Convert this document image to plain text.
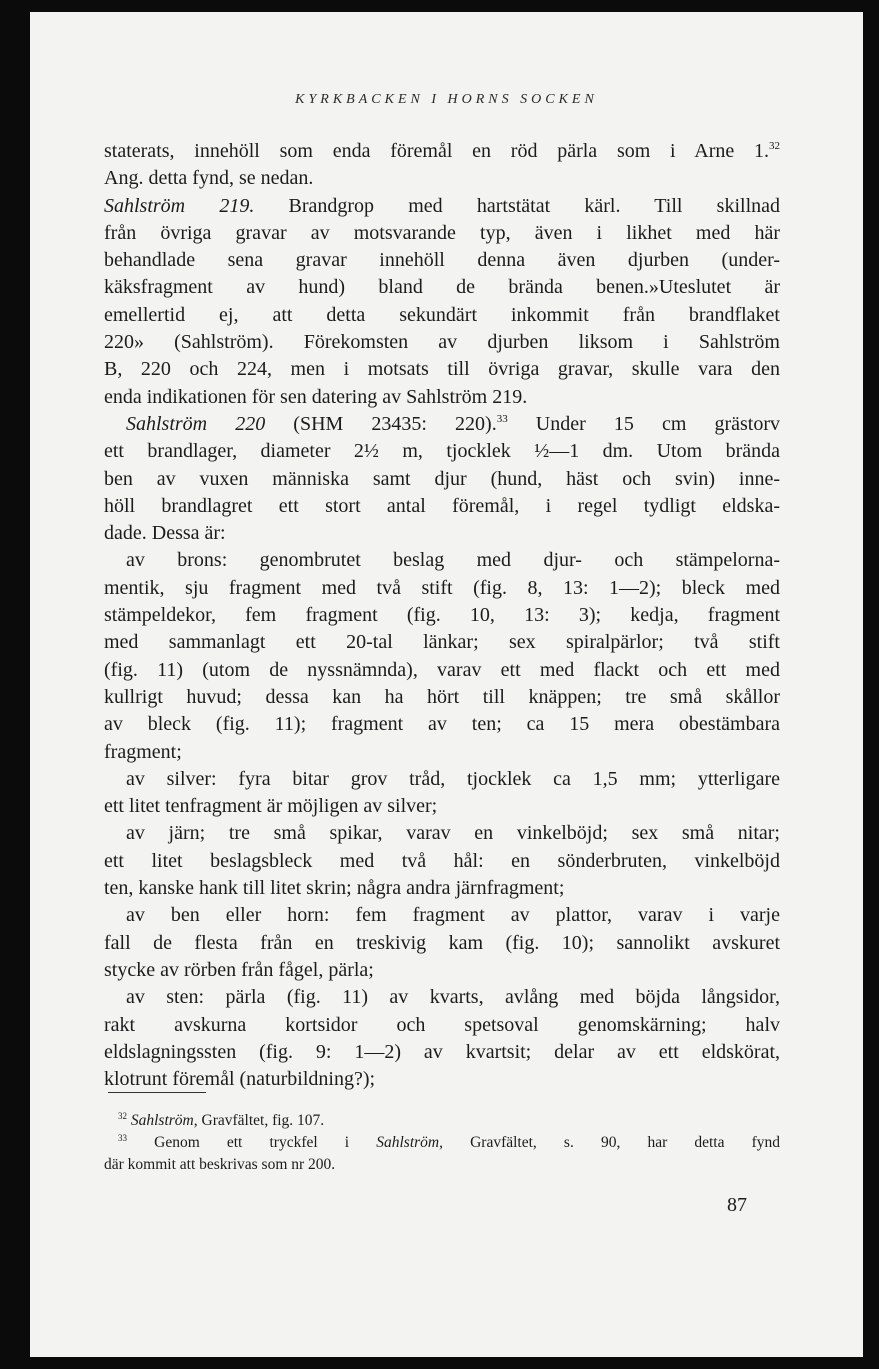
KYRKBACKEN I HORNS SOCKEN
staterats, innehöll som enda föremål en röd pärla som i Arne 1.32
Ang. detta fynd, se nedan.
Sahlström 219. Brandgrop med hartstätat kärl. Till skillnad
från övriga gravar av motsvarande typ, även i likhet med här
behandlade sena gravar innehöll denna även djurben (under-
käksfragment av hund) bland de brända benen.»Uteslutet är
emellertid ej, att detta sekundärt inkommit från brandflaket
220» (Sahlström). Förekomsten av djurben liksom i Sahlström
B, 220 och 224, men i motsats till övriga gravar, skulle vara den
enda indikationen för sen datering av Sahlström 219.
Sahlström 220 (SHM 23435: 220).$^{33}$ Under 15 cm grästorv
ett brandlager, diameter 2½ m, tjocklek ½—1 dm. Utom brända
ben av vuxen människa samt djur (hund, häst och svin) inne-
höll brandlagret ett stort antal föremål, i regel tydligt eldska-
dade. Dessa är:
av brons: genombrutet beslag med djur- och stämpelorna-
mentik, sju fragment med två stift (fig. 8, 13: 1—2); bleck med
stämpeldekor, fem fragment (fig. 10, 13: 3); kedja, fragment
med sammanlagt ett 20-tal länkar; sex spiralpärlor; två stift
(fig. 11) (utom de nyssnämnda), varav ett med flackt och ett med
kullrigt huvud; dessa kan ha hört till knäppen; tre små skållor
av bleck (fig. 11); fragment av ten; ca 15 mera obestämbara
fragment;
av silver: fyra bitar grov tråd, tjocklek ca 1,5 mm; ytterligare
ett litet tenfragment är möjligen av silver;
av järn; tre små spikar, varav en vinkelböjd; sex små nitar;
ett litet beslagsbleck med två hål: en sönderbruten, vinkelböjd
ten, kanske hank till litet skrin; några andra järnfragment;
av ben eller horn: fem fragment av plattor, varav i varje
fall de flesta från en treskivig kam (fig. 10); sannolikt avskuret
stycke av rörben från fågel, pärla;
av sten: pärla (fig. 11) av kvarts, avlång med böjda långsidor,
rakt avskurna kortsidor och spetsoval genomskärning; halv
eldslagningssten (fig. 9: 1—2) av kvartsit; delar av ett eldskörat,
klotrunt föremål (naturbildning?);
$^{32}$ Sahlström, Gravfältet, fig. 107.
$^{33}$ Genom ett tryckfel i Sahlström, Gravfältet, s. 90, har detta fynd
där kommit att beskrivas som nr 200.
87
